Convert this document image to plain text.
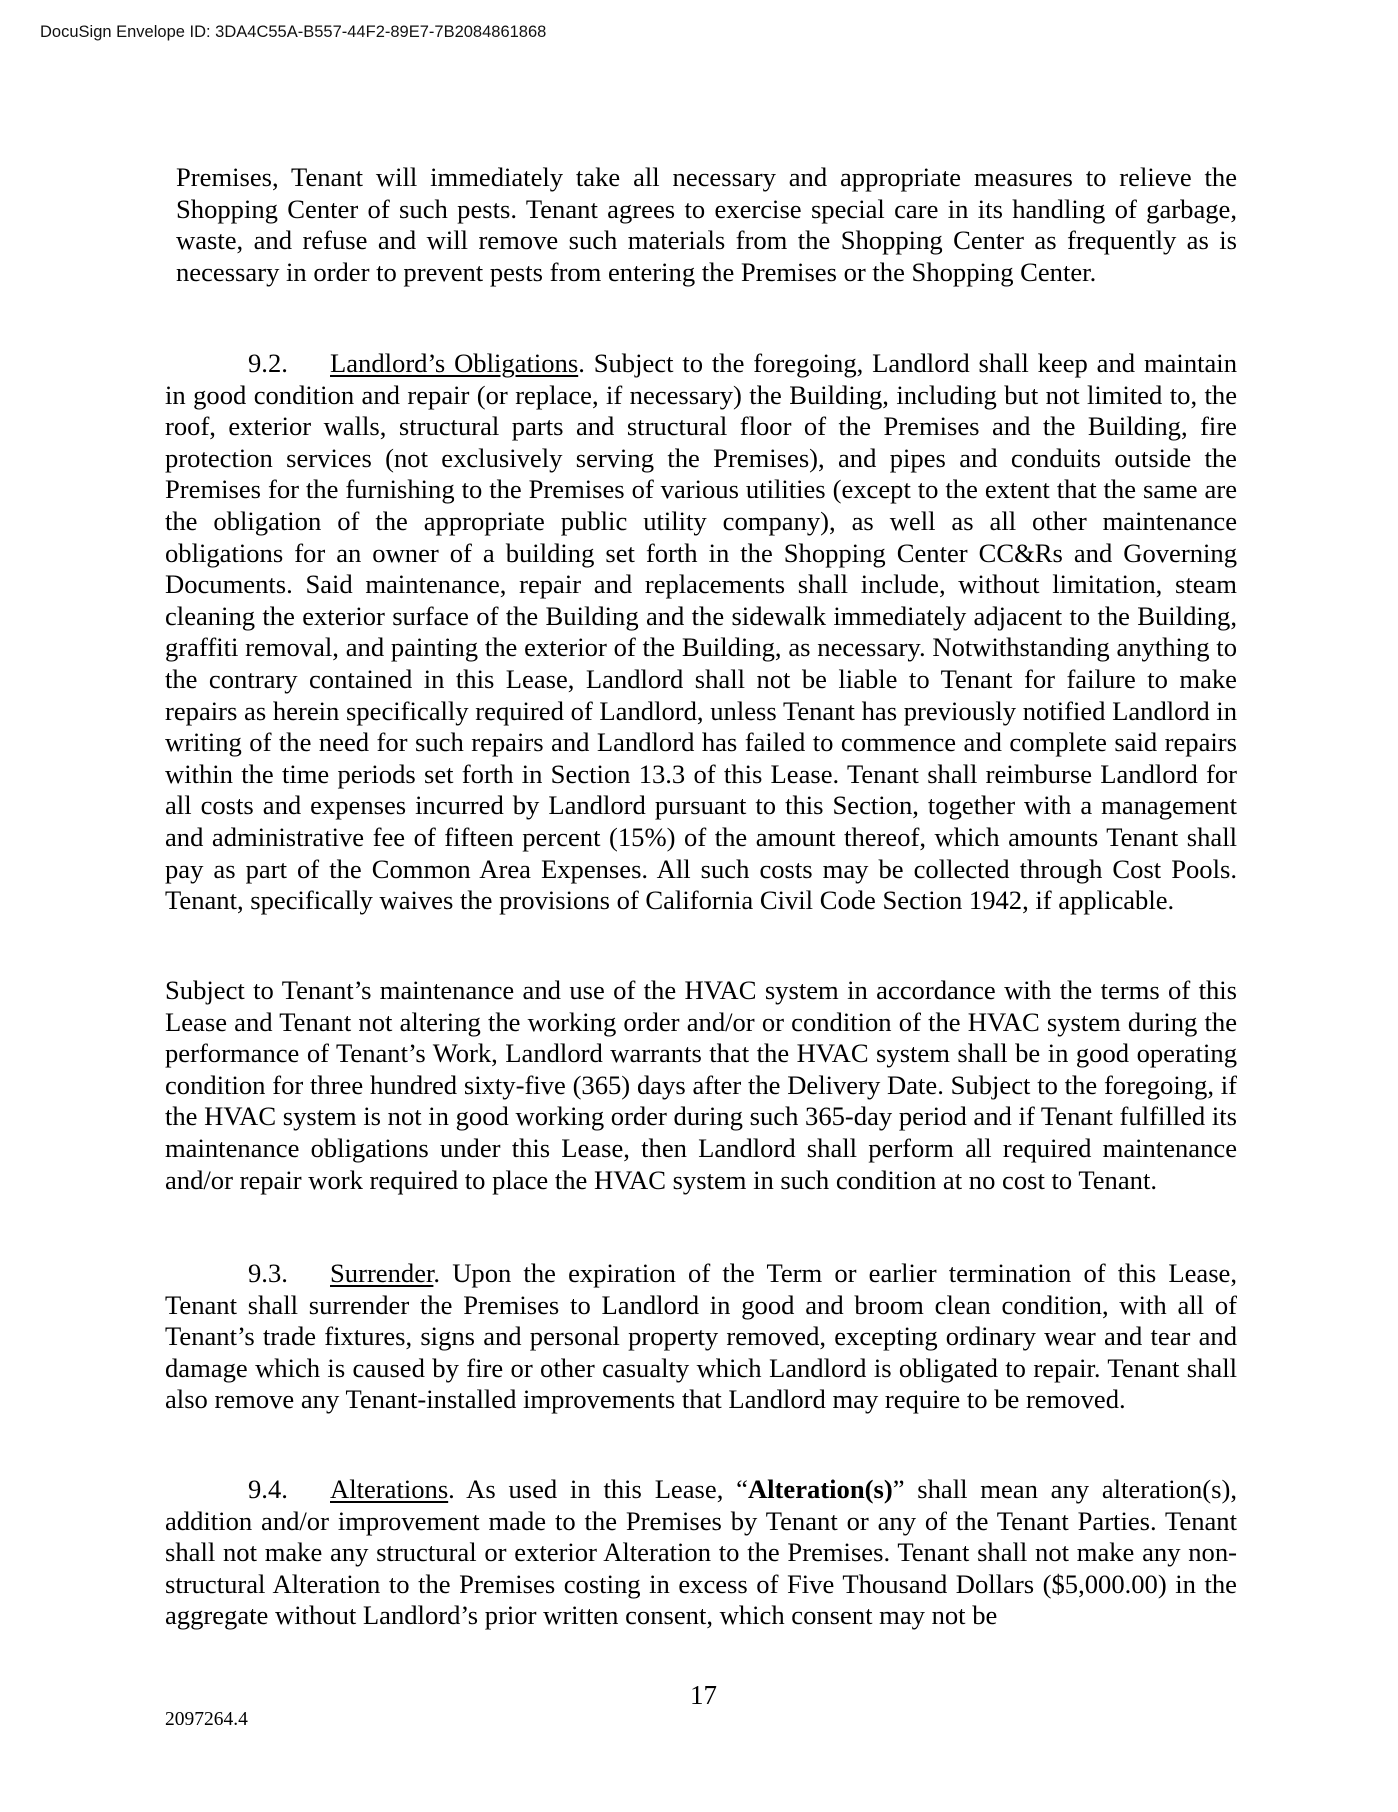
DocuSign Envelope ID: 3DA4C55A-B557-44F2-89E7-7B2084861868

Premises, Tenant will immediately take all necessary and appropriate measures to relieve the Shopping Center of such pests. Tenant agrees to exercise special care in its handling of garbage, waste, and refuse and will remove such materials from the Shopping Center as frequently as is necessary in order to prevent pests from entering the Premises or the Shopping Center.

9.2. Landlord’s Obligations. Subject to the foregoing, Landlord shall keep and maintain in good condition and repair (or replace, if necessary) the Building, including but not limited to, the roof, exterior walls, structural parts and structural floor of the Premises and the Building, fire protection services (not exclusively serving the Premises), and pipes and conduits outside the Premises for the furnishing to the Premises of various utilities (except to the extent that the same are the obligation of the appropriate public utility company), as well as all other maintenance obligations for an owner of a building set forth in the Shopping Center CC&Rs and Governing Documents. Said maintenance, repair and replacements shall include, without limitation, steam cleaning the exterior surface of the Building and the sidewalk immediately adjacent to the Building, graffiti removal, and painting the exterior of the Building, as necessary. Notwithstanding anything to the contrary contained in this Lease, Landlord shall not be liable to Tenant for failure to make repairs as herein specifically required of Landlord, unless Tenant has previously notified Landlord in writing of the need for such repairs and Landlord has failed to commence and complete said repairs within the time periods set forth in Section 13.3 of this Lease. Tenant shall reimburse Landlord for all costs and expenses incurred by Landlord pursuant to this Section, together with a management and administrative fee of fifteen percent (15%) of the amount thereof, which amounts Tenant shall pay as part of the Common Area Expenses. All such costs may be collected through Cost Pools. Tenant, specifically waives the provisions of California Civil Code Section 1942, if applicable.

Subject to Tenant’s maintenance and use of the HVAC system in accordance with the terms of this Lease and Tenant not altering the working order and/or or condition of the HVAC system during the performance of Tenant’s Work, Landlord warrants that the HVAC system shall be in good operating condition for three hundred sixty-five (365) days after the Delivery Date. Subject to the foregoing, if the HVAC system is not in good working order during such 365-day period and if Tenant fulfilled its maintenance obligations under this Lease, then Landlord shall perform all required maintenance and/or repair work required to place the HVAC system in such condition at no cost to Tenant.

9.3. Surrender. Upon the expiration of the Term or earlier termination of this Lease, Tenant shall surrender the Premises to Landlord in good and broom clean condition, with all of Tenant’s trade fixtures, signs and personal property removed, excepting ordinary wear and tear and damage which is caused by fire or other casualty which Landlord is obligated to repair. Tenant shall also remove any Tenant-installed improvements that Landlord may require to be removed.

9.4. Alterations. As used in this Lease, “Alteration(s)” shall mean any alteration(s), addition and/or improvement made to the Premises by Tenant or any of the Tenant Parties. Tenant shall not make any structural or exterior Alteration to the Premises. Tenant shall not make any non-structural Alteration to the Premises costing in excess of Five Thousand Dollars ($5,000.00) in the aggregate without Landlord’s prior written consent, which consent may not be

17
2097264.4
